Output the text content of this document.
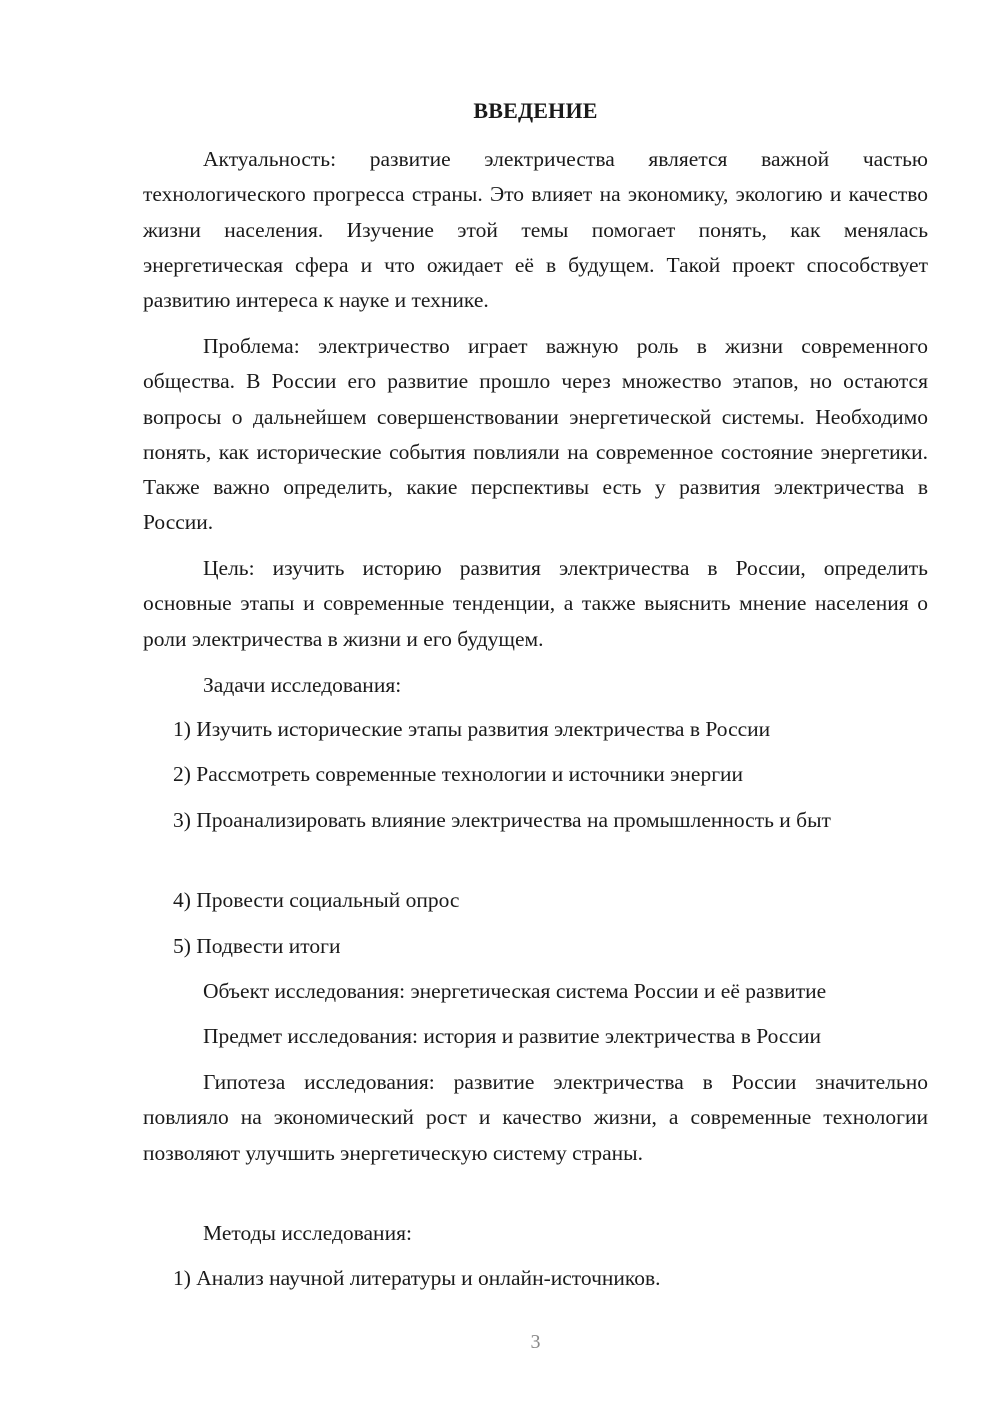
ВВЕДЕНИЕ

Актуальность: развитие электричества является важной частью технологического прогресса страны. Это влияет на экономику, экологию и качество жизни населения. Изучение этой темы помогает понять, как менялась энергетическая сфера и что ожидает её в будущем. Такой проект способствует развитию интереса к науке и технике.

Проблема: электричество играет важную роль в жизни современного общества. В России его развитие прошло через множество этапов, но остаются вопросы о дальнейшем совершенствовании энергетической системы. Необходимо понять, как исторические события повлияли на современное состояние энергетики. Также важно определить, какие перспективы есть у развития электричества в России.

Цель: изучить историю развития электричества в России, определить основные этапы и современные тенденции, а также выяснить мнение населения о роли электричества в жизни и его будущем.

Задачи исследования:

1) Изучить исторические этапы развития электричества в России

2) Рассмотреть современные технологии и источники энергии

3) Проанализировать влияние электричества на промышленность и быт

4) Провести социальный опрос

5) Подвести итоги

Объект исследования: энергетическая система России и её развитие

Предмет исследования: история и развитие электричества в России

Гипотеза исследования: развитие электричества в России значительно повлияло на экономический рост и качество жизни, а современные технологии позволяют улучшить энергетическую систему страны.

Методы исследования:

1) Анализ научной литературы и онлайн-источников.

3
